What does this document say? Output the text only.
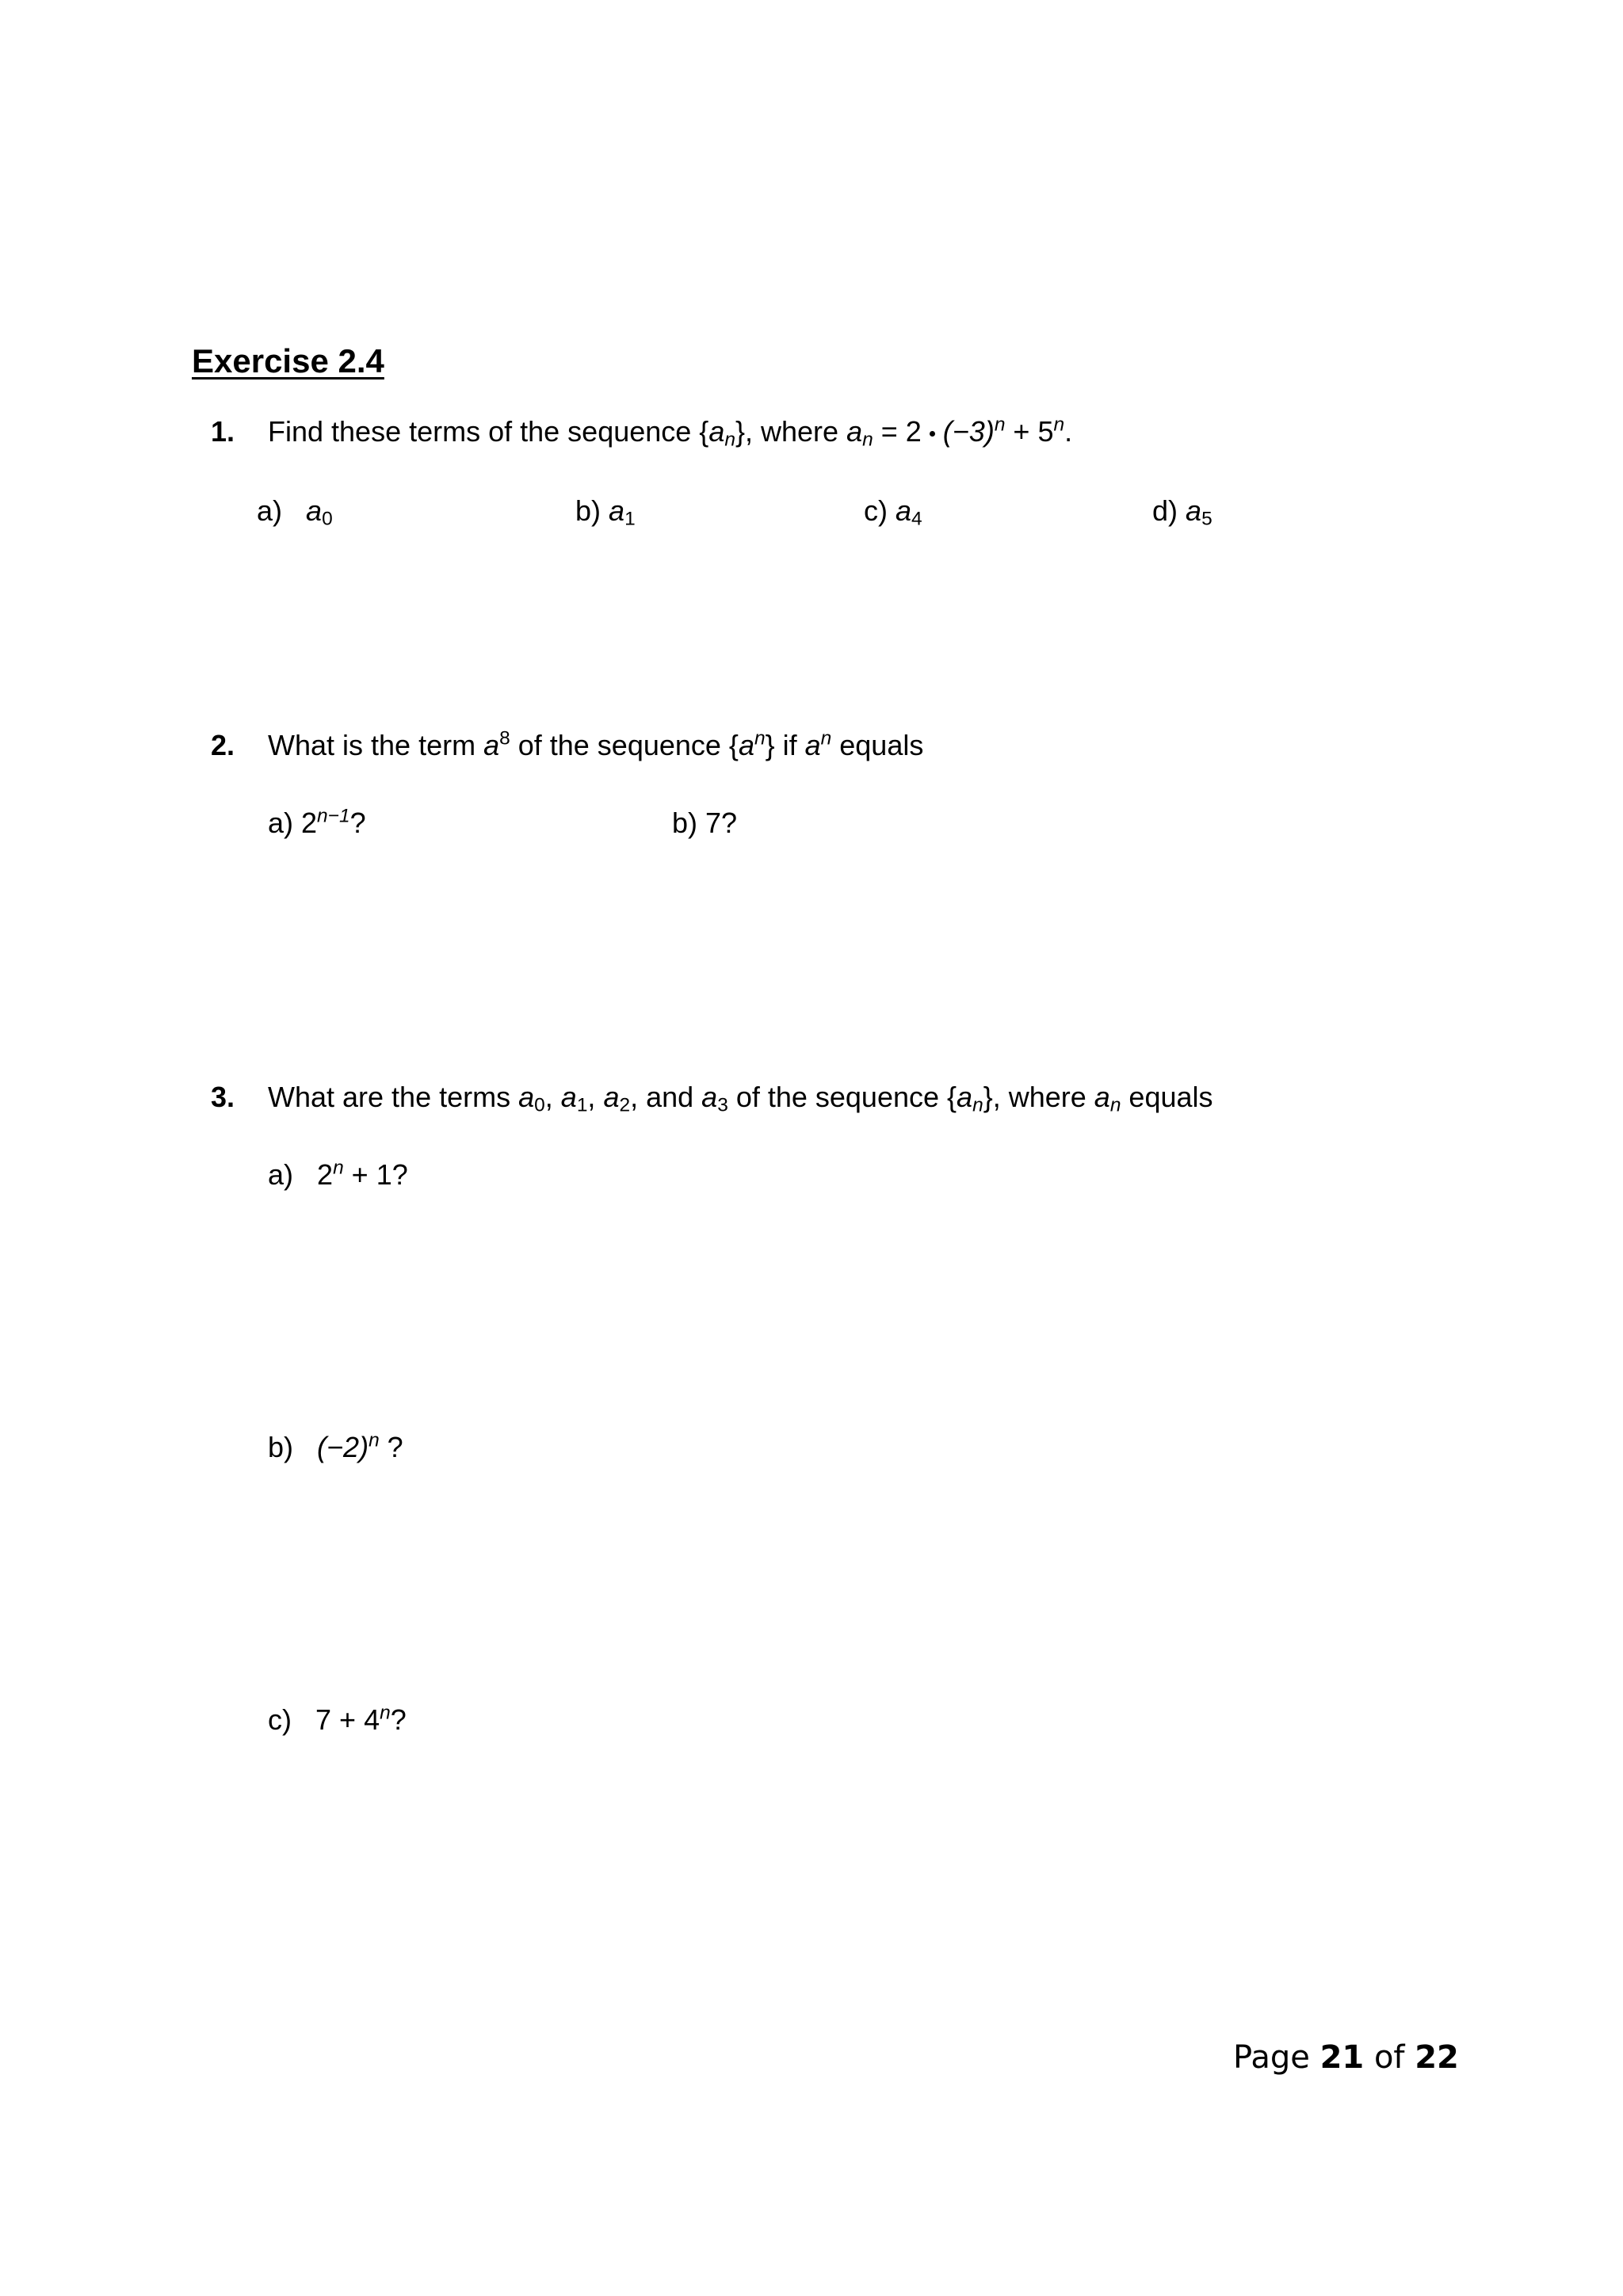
Exercise 2.4
1. Find these terms of the sequence $\{a_n\}$, where $a_n = 2$ $(-3)^n + 5^n$.
a) $a_0$	b) $a_1$	c) $a_4$	d) $a_5$
2. What is the term $a^8$ of the sequence $\{a^n\}$ if $a^n$ equals
a) $2^{n-1}$?	b) 7?
3. What are the terms $a_0$, $a_1$, $a_2$, and $a_3$ of the sequence $\{a_n\}$, where $a_n$ equals
a) $2^n + 1$?
b) $(-2)^n$ ?
c) $7 + 4^n$?
Page 21 of 22
